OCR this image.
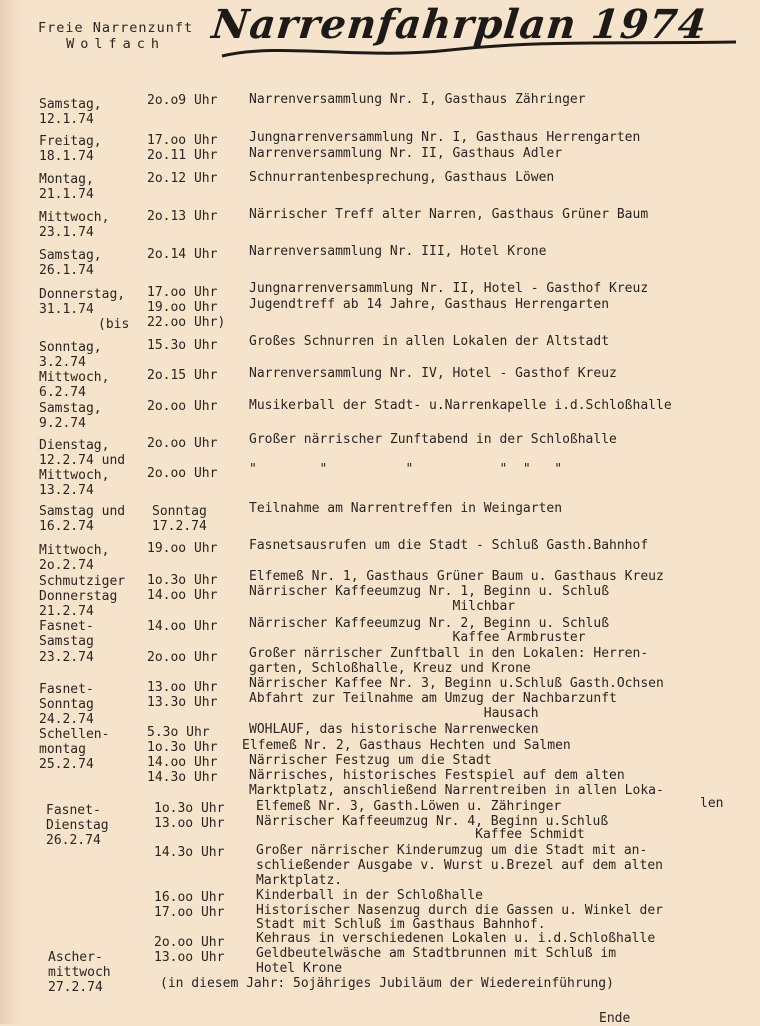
Freie Narrenzunft
Wolfach	Narrenfahrplan 1974
Samstag,
12.1.74
2o.o9 Uhr Narrenversammlung Nr. I, Gasthaus Zähringer
Freitag,
18.1.74
17.oo Uhr
2o.11 Uhr
Jungnarrenversammlung Nr. I, Gasthaus Herrengarten
Narrenversammlung Nr. II, Gasthaus Adler
Montag,
21.1.74
2o.12 Uhr Schnurrantenbesprechung, Gasthaus Löwen
Mittwoch,
23.1.74
2o.13 Uhr Närrischer Treff alter Narren, Gasthaus Grüner Baum
Samstag,
26.1.74
2o.14 Uhr Narrenversammlung Nr. III, Hotel Krone
Donnerstag,
31.1.74
(bis
17.oo Uhr
19.oo Uhr
22.oo Uhr)
Jungnarrenversammlung Nr. II, Hotel - Gasthof Kreuz
Jugendtreff ab 14 Jahre, Gasthaus Herrengarten
Sonntag,
3.2.74
15.3o Uhr Großes Schnurren in allen Lokalen der Altstadt
Mittwoch,
6.2.74
2o.15 Uhr Narrenversammlung Nr. IV, Hotel - Gasthof Kreuz
Samstag,
9.2.74
2o.oo Uhr Musikerball der Stadt- u.Narrenkapelle i.d.Schloßhalle
Dienstag,
12.2.74 und
Mittwoch,
13.2.74
2o.oo Uhr
2o.oo Uhr
Großer närrischer Zunftabend in der Schloßhalle
"        "          "           "  "   "
Samstag und
16.2.74
Sonntag
17.2.74
Teilnahme am Narrentreffen in Weingarten
Mittwoch,
2o.2.74
19.oo Uhr Fasnetsausrufen um die Stadt - Schluß Gasth.Bahnhof
Schmutziger
Donnerstag
21.2.74
1o.3o Uhr
14.oo Uhr
Elfemeß Nr. 1, Gasthaus Grüner Baum u. Gasthaus Kreuz
Närrischer Kaffeeumzug Nr. 1, Beginn u. Schluß
Milchbar
Fasnet-
Samstag
23.2.74
14.oo Uhr
2o.oo Uhr
Närrischer Kaffeeumzug Nr. 2, Beginn u. Schluß
Kaffee Armbruster
Großer närrischer Zunftball in den Lokalen: Herren-
garten, Schloßhalle, Kreuz und Krone
Fasnet-
Sonntag
24.2.74
13.oo Uhr
13.3o Uhr
Närrischer Kaffee Nr. 3, Beginn u.Schluß Gasth.Ochsen
Abfahrt zur Teilnahme am Umzug der Nachbarzunft
Hausach
Schellen-
montag
25.2.74
5.3o Uhr
1o.3o Uhr
14.oo Uhr
14.3o Uhr
WOHLAUF, das historische Narrenwecken
Elfemeß Nr. 2, Gasthaus Hechten und Salmen
Närrischer Festzug um die Stadt
Närrisches, historisches Festspiel auf dem alten
Marktplatz, anschließend Narrentreiben in allen Loka-
len
Fasnet-
Dienstag
26.2.74
1o.3o Uhr
13.oo Uhr
14.3o Uhr
16.oo Uhr
17.oo Uhr
2o.oo Uhr
Elfemeß Nr. 3, Gasth.Löwen u. Zähringer
Närrischer Kaffeeumzug Nr. 4, Beginn u.Schluß
Kaffee Schmidt
Großer närrischer Kinderumzug um die Stadt mit an-
schließender Ausgabe v. Wurst u.Brezel auf dem alten
Marktplatz.
Kinderball in der Schloßhalle
Historischer Nasenzug durch die Gassen u. Winkel der
Stadt mit Schluß im Gasthaus Bahnhof.
Kehraus in verschiedenen Lokalen u. i.d.Schloßhalle
Ascher-
mittwoch
27.2.74
13.oo Uhr Geldbeutelwäsche am Stadtbrunnen mit Schluß im
Hotel Krone
(in diesem Jahr: 5ojähriges Jubiläum der Wiedereinführung)
Ende
